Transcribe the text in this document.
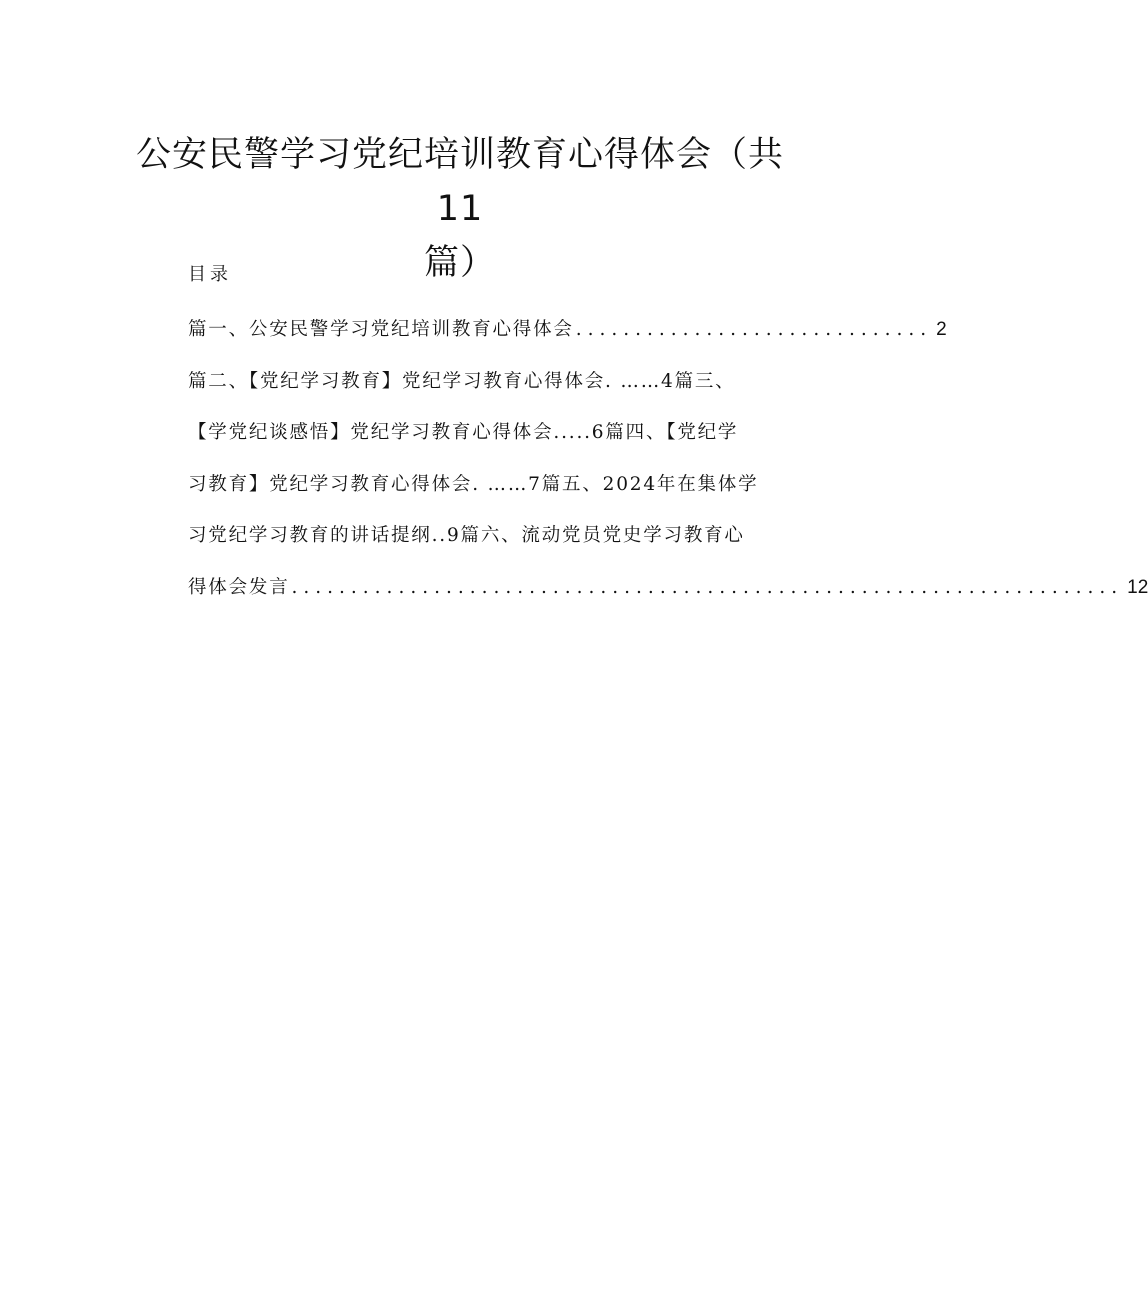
公安民警学习党纪培训教育心得体会（共11
篇）
目录
篇一、公安民警学习党纪培训教育心得体会 .............................. 2
篇二、【党纪学习教育】党纪学习教育心得体会. ……4篇三、
【学党纪谈感悟】党纪学习教育心得体会.....6篇四、【党纪学
习教育】党纪学习教育心得体会. ……7篇五、2024年在集体学
习党纪学习教育的讲话提纲..9篇六、流动党员党史学习教育心
得体会发言 ...................................................................... 12
